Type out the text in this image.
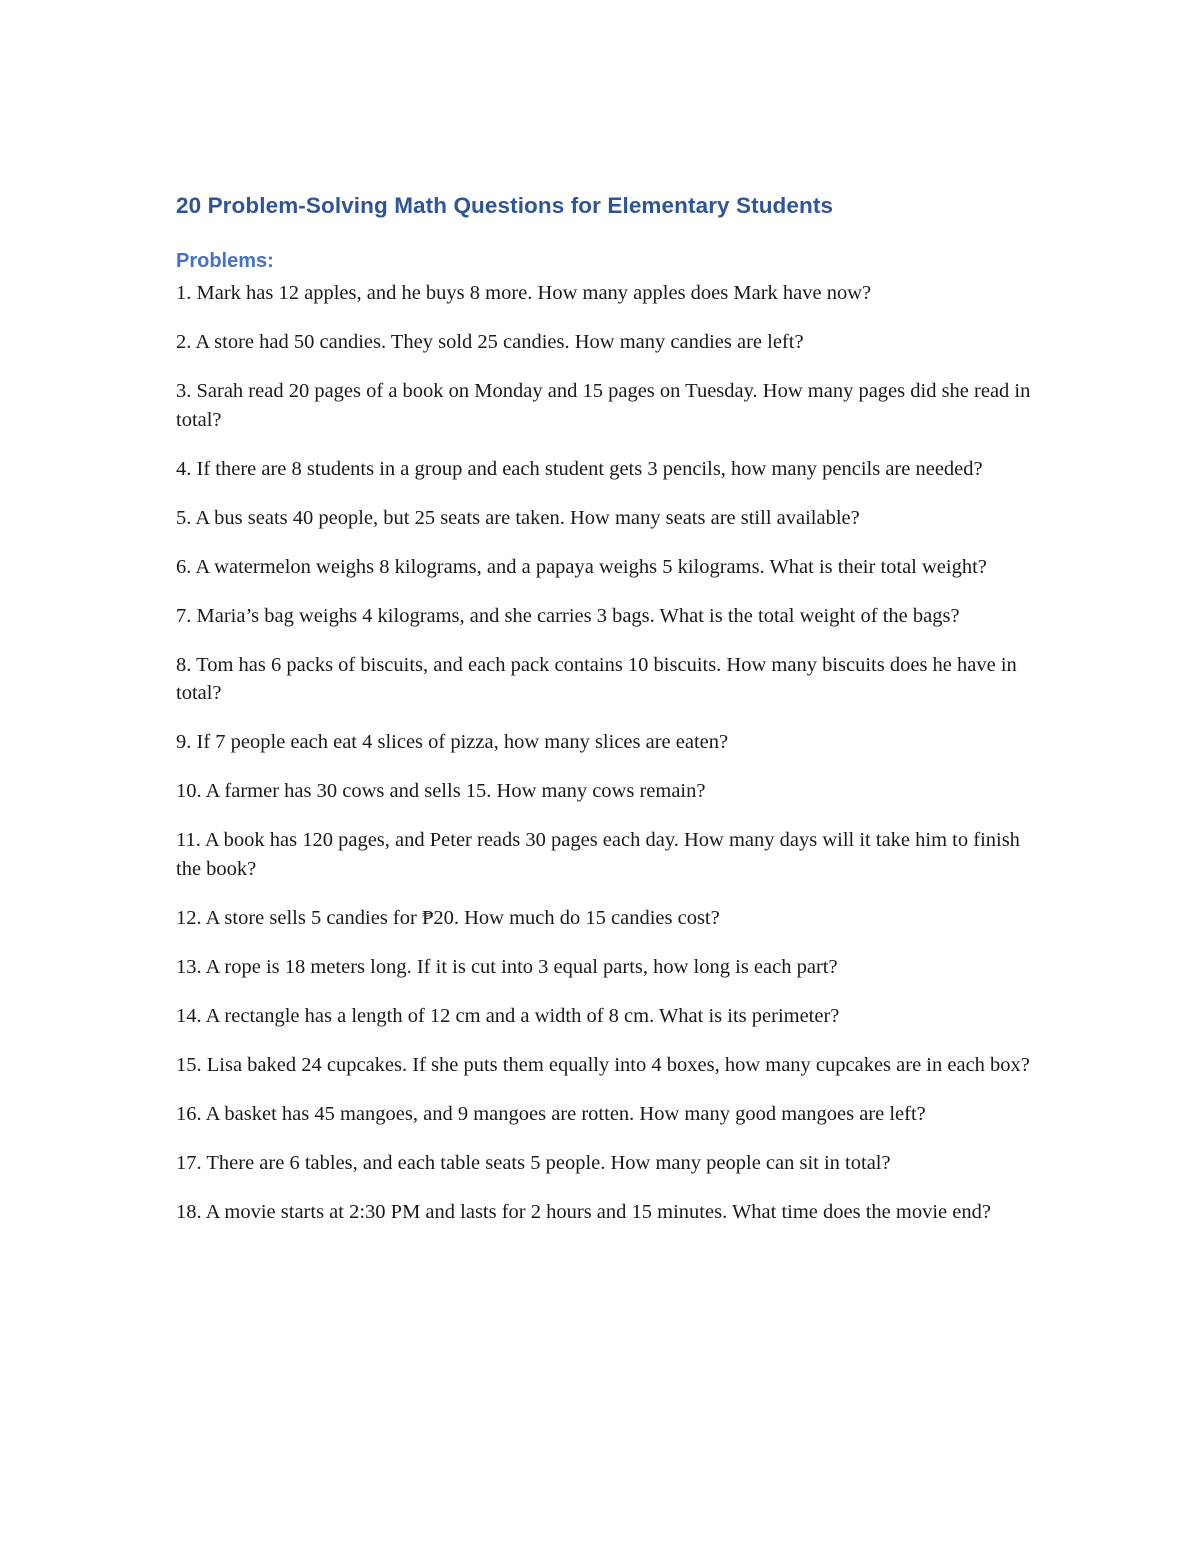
20 Problem-Solving Math Questions for Elementary Students
Problems:
1. Mark has 12 apples, and he buys 8 more. How many apples does Mark have now?
2. A store had 50 candies. They sold 25 candies. How many candies are left?
3. Sarah read 20 pages of a book on Monday and 15 pages on Tuesday. How many pages did she read in total?
4. If there are 8 students in a group and each student gets 3 pencils, how many pencils are needed?
5. A bus seats 40 people, but 25 seats are taken. How many seats are still available?
6. A watermelon weighs 8 kilograms, and a papaya weighs 5 kilograms. What is their total weight?
7. Maria’s bag weighs 4 kilograms, and she carries 3 bags. What is the total weight of the bags?
8. Tom has 6 packs of biscuits, and each pack contains 10 biscuits. How many biscuits does he have in total?
9. If 7 people each eat 4 slices of pizza, how many slices are eaten?
10. A farmer has 30 cows and sells 15. How many cows remain?
11. A book has 120 pages, and Peter reads 30 pages each day. How many days will it take him to finish the book?
12. A store sells 5 candies for ₱20. How much do 15 candies cost?
13. A rope is 18 meters long. If it is cut into 3 equal parts, how long is each part?
14. A rectangle has a length of 12 cm and a width of 8 cm. What is its perimeter?
15. Lisa baked 24 cupcakes. If she puts them equally into 4 boxes, how many cupcakes are in each box?
16. A basket has 45 mangoes, and 9 mangoes are rotten. How many good mangoes are left?
17. There are 6 tables, and each table seats 5 people. How many people can sit in total?
18. A movie starts at 2:30 PM and lasts for 2 hours and 15 minutes. What time does the movie end?
